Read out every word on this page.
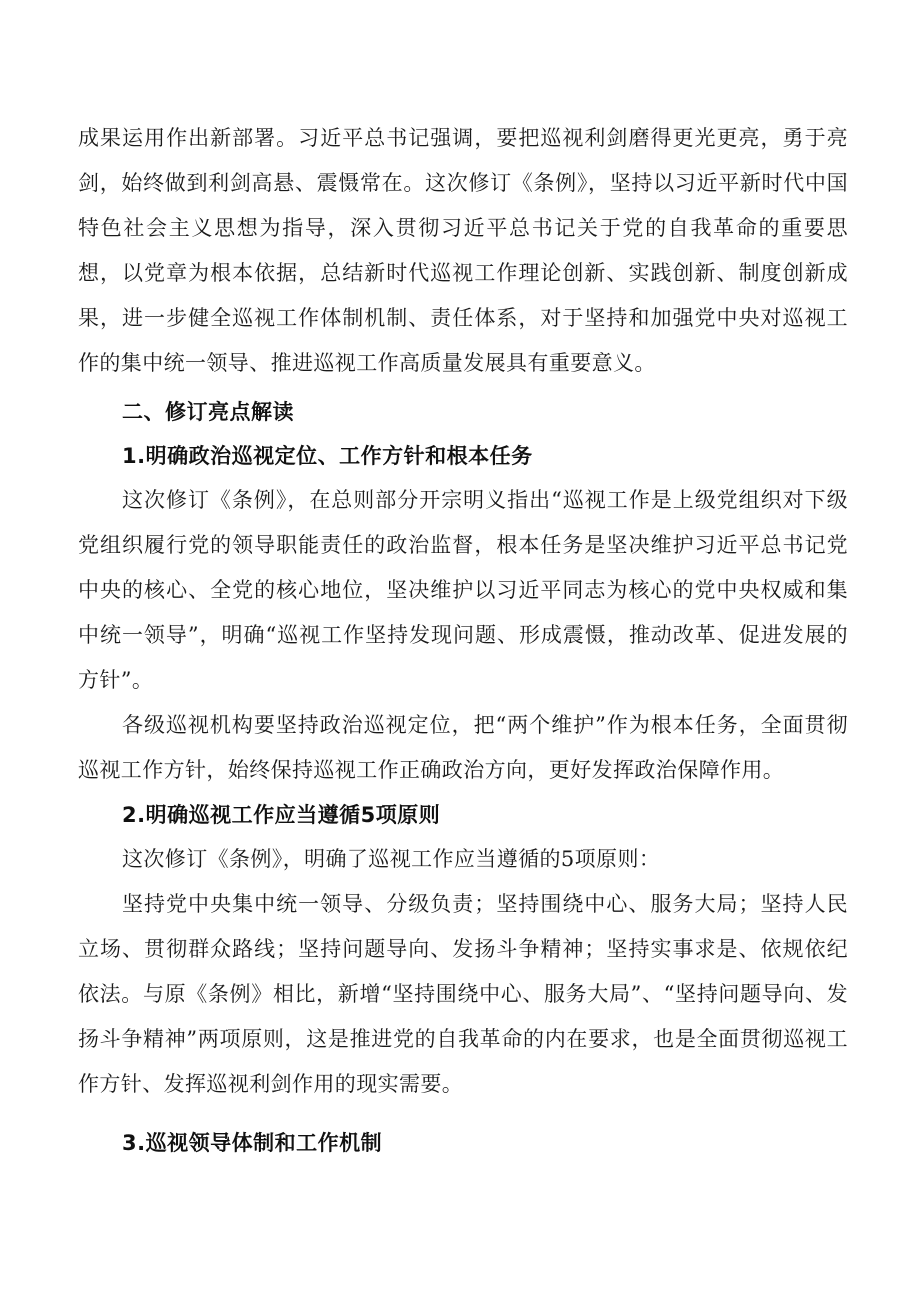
成果运用作出新部署。习近平总书记强调，要把巡视利剑磨得更光更亮，勇于亮剑，始终做到利剑高悬、震慑常在。这次修订《条例》，坚持以习近平新时代中国特色社会主义思想为指导，深入贯彻习近平总书记关于党的自我革命的重要思想，以党章为根本依据，总结新时代巡视工作理论创新、实践创新、制度创新成果，进一步健全巡视工作体制机制、责任体系，对于坚持和加强党中央对巡视工作的集中统一领导、推进巡视工作高质量发展具有重要意义。

二、修订亮点解读
1.明确政治巡视定位、工作方针和根本任务

这次修订《条例》，在总则部分开宗明义指出“巡视工作是上级党组织对下级党组织履行党的领导职能责任的政治监督，根本任务是坚决维护习近平总书记党中央的核心、全党的核心地位，坚决维护以习近平同志为核心的党中央权威和集中统一领导”，明确“巡视工作坚持发现问题、形成震慑，推动改革、促进发展的方针”。

各级巡视机构要坚持政治巡视定位，把“两个维护”作为根本任务，全面贯彻巡视工作方针，始终保持巡视工作正确政治方向，更好发挥政治保障作用。

2.明确巡视工作应当遵循5项原则

这次修订《条例》，明确了巡视工作应当遵循的5项原则：

坚持党中央集中统一领导、分级负责；坚持围绕中心、服务大局；坚持人民立场、贯彻群众路线；坚持问题导向、发扬斗争精神；坚持实事求是、依规依纪依法。与原《条例》相比，新增“坚持围绕中心、服务大局”、“坚持问题导向、发扬斗争精神”两项原则，这是推进党的自我革命的内在要求，也是全面贯彻巡视工作方针、发挥巡视利剑作用的现实需要。

3.巡视领导体制和工作机制
